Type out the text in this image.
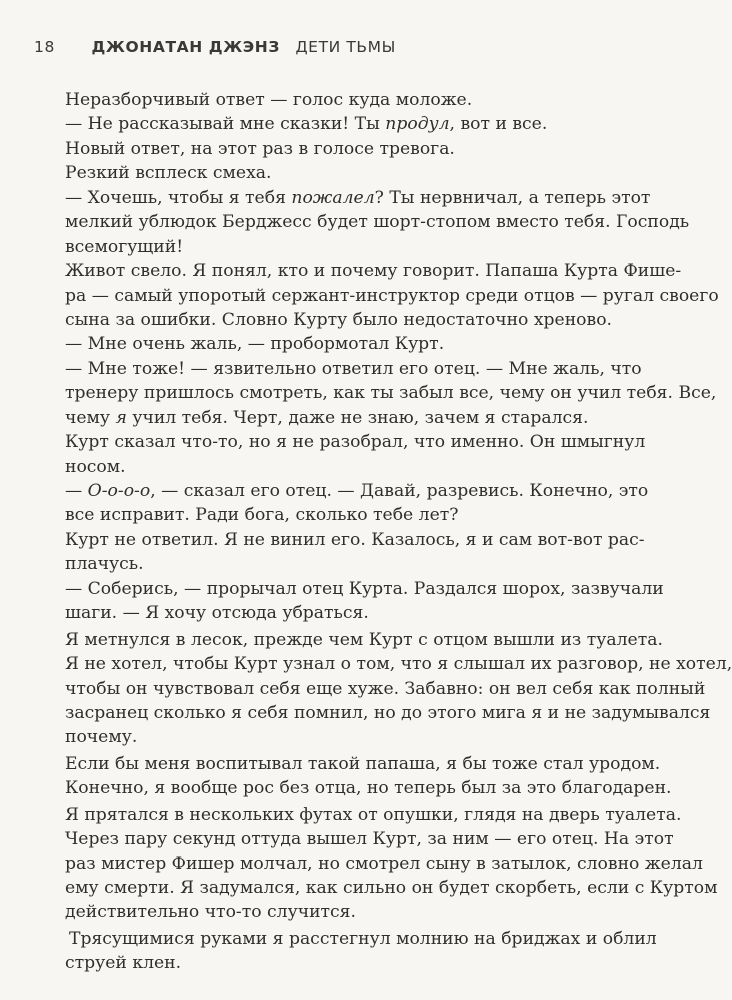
18 ДЖОНАТАН ДЖЭНЗ ДЕТИ ТЬМЫ
Неразборчивый ответ — голос куда моложе.
— Не рассказывай мне сказки! Ты продул, вот и все.
Новый ответ, на этот раз в голосе тревога.
Резкий всплеск смеха.
— Хочешь, чтобы я тебя пожалел? Ты нервничал, а теперь этот
мелкий ублюдок Берджесс будет шорт-стопом вместо тебя. Господь
всемогущий!
Живот свело. Я понял, кто и почему говорит. Папаша Курта Фише-
ра — самый упоротый сержант-инструктор среди отцов — ругал своего
сына за ошибки. Словно Курту было недостаточно хреново.
— Мне очень жаль, — пробормотал Курт.
— Мне тоже! — язвительно ответил его отец. — Мне жаль, что
тренеру пришлось смотреть, как ты забыл все, чему он учил тебя. Все,
чему я учил тебя. Черт, даже не знаю, зачем я старался.
Курт сказал что-то, но я не разобрал, что именно. Он шмыгнул
носом.
— О-о-о-о, — сказал его отец. — Давай, разревись. Конечно, это
все исправит. Ради бога, сколько тебе лет?
Курт не ответил. Я не винил его. Казалось, я и сам вот-вот рас-
плачусь.
— Соберись, — прорычал отец Курта. Раздался шорох, зазвучали
шаги. — Я хочу отсюда убраться.
Я метнулся в лесок, прежде чем Курт с отцом вышли из туалета.
Я не хотел, чтобы Курт узнал о том, что я слышал их разговор, не хотел,
чтобы он чувствовал себя еще хуже. Забавно: он вел себя как полный
засранец сколько я себя помнил, но до этого мига я и не задумывался
почему.
Если бы меня воспитывал такой папаша, я бы тоже стал уродом.
Конечно, я вообще рос без отца, но теперь был за это благодарен.
Я прятался в нескольких футах от опушки, глядя на дверь туалета.
Через пару секунд оттуда вышел Курт, за ним — его отец. На этот
раз мистер Фишер молчал, но смотрел сыну в затылок, словно желал
ему смерти. Я задумался, как сильно он будет скорбеть, если с Куртом
действительно что-то случится.
Трясущимися руками я расстегнул молнию на бриджах и облил
струей клен.
